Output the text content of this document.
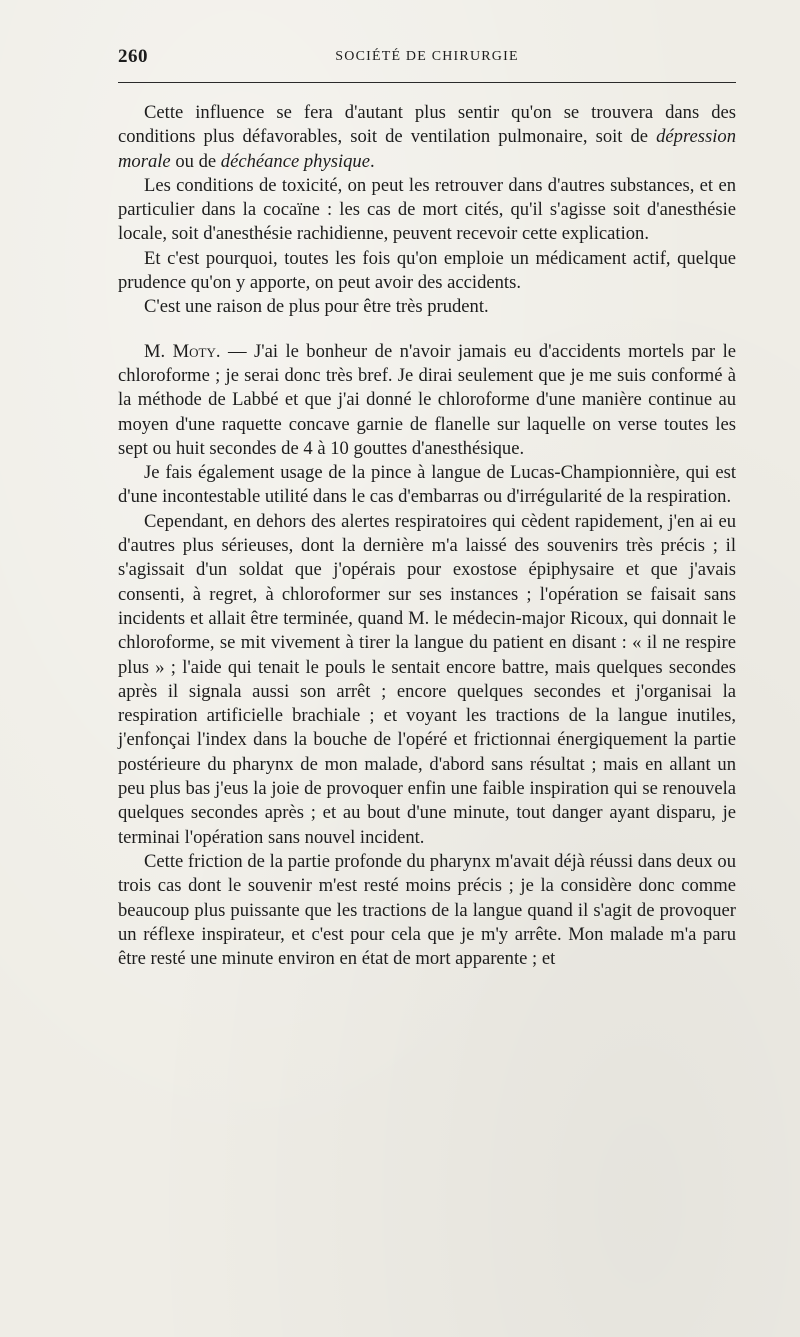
260	SOCIÉTÉ DE CHIRURGIE

Cette influence se fera d'autant plus sentir qu'on se trouvera dans des conditions plus défavorables, soit de ventilation pulmonaire, soit de dépression morale ou de déchéance physique.

Les conditions de toxicité, on peut les retrouver dans d'autres substances, et en particulier dans la cocaïne : les cas de mort cités, qu'il s'agisse soit d'anesthésie locale, soit d'anesthésie rachidienne, peuvent recevoir cette explication.

Et c'est pourquoi, toutes les fois qu'on emploie un médicament actif, quelque prudence qu'on y apporte, on peut avoir des accidents.

C'est une raison de plus pour être très prudent.

M. Moty. — J'ai le bonheur de n'avoir jamais eu d'accidents mortels par le chloroforme ; je serai donc très bref. Je dirai seulement que je me suis conformé à la méthode de Labbé et que j'ai donné le chloroforme d'une manière continue au moyen d'une raquette concave garnie de flanelle sur laquelle on verse toutes les sept ou huit secondes de 4 à 10 gouttes d'anesthésique.

Je fais également usage de la pince à langue de Lucas-Championnière, qui est d'une incontestable utilité dans le cas d'embarras ou d'irrégularité de la respiration.

Cependant, en dehors des alertes respiratoires qui cèdent rapidement, j'en ai eu d'autres plus sérieuses, dont la dernière m'a laissé des souvenirs très précis ; il s'agissait d'un soldat que j'opérais pour exostose épiphysaire et que j'avais consenti, à regret, à chloroformer sur ses instances ; l'opération se faisait sans incidents et allait être terminée, quand M. le médecin-major Ricoux, qui donnait le chloroforme, se mit vivement à tirer la langue du patient en disant : « il ne respire plus » ; l'aide qui tenait le pouls le sentait encore battre, mais quelques secondes après il signala aussi son arrêt ; encore quelques secondes et j'organisai la respiration artificielle brachiale ; et voyant les tractions de la langue inutiles, j'enfonçai l'index dans la bouche de l'opéré et frictionnai énergiquement la partie postérieure du pharynx de mon malade, d'abord sans résultat ; mais en allant un peu plus bas j'eus la joie de provoquer enfin une faible inspiration qui se renouvela quelques secondes après ; et au bout d'une minute, tout danger ayant disparu, je terminai l'opération sans nouvel incident.

Cette friction de la partie profonde du pharynx m'avait déjà réussi dans deux ou trois cas dont le souvenir m'est resté moins précis ; je la considère donc comme beaucoup plus puissante que les tractions de la langue quand il s'agit de provoquer un réflexe inspirateur, et c'est pour cela que je m'y arrête. Mon malade m'a paru être resté une minute environ en état de mort apparente ; et
